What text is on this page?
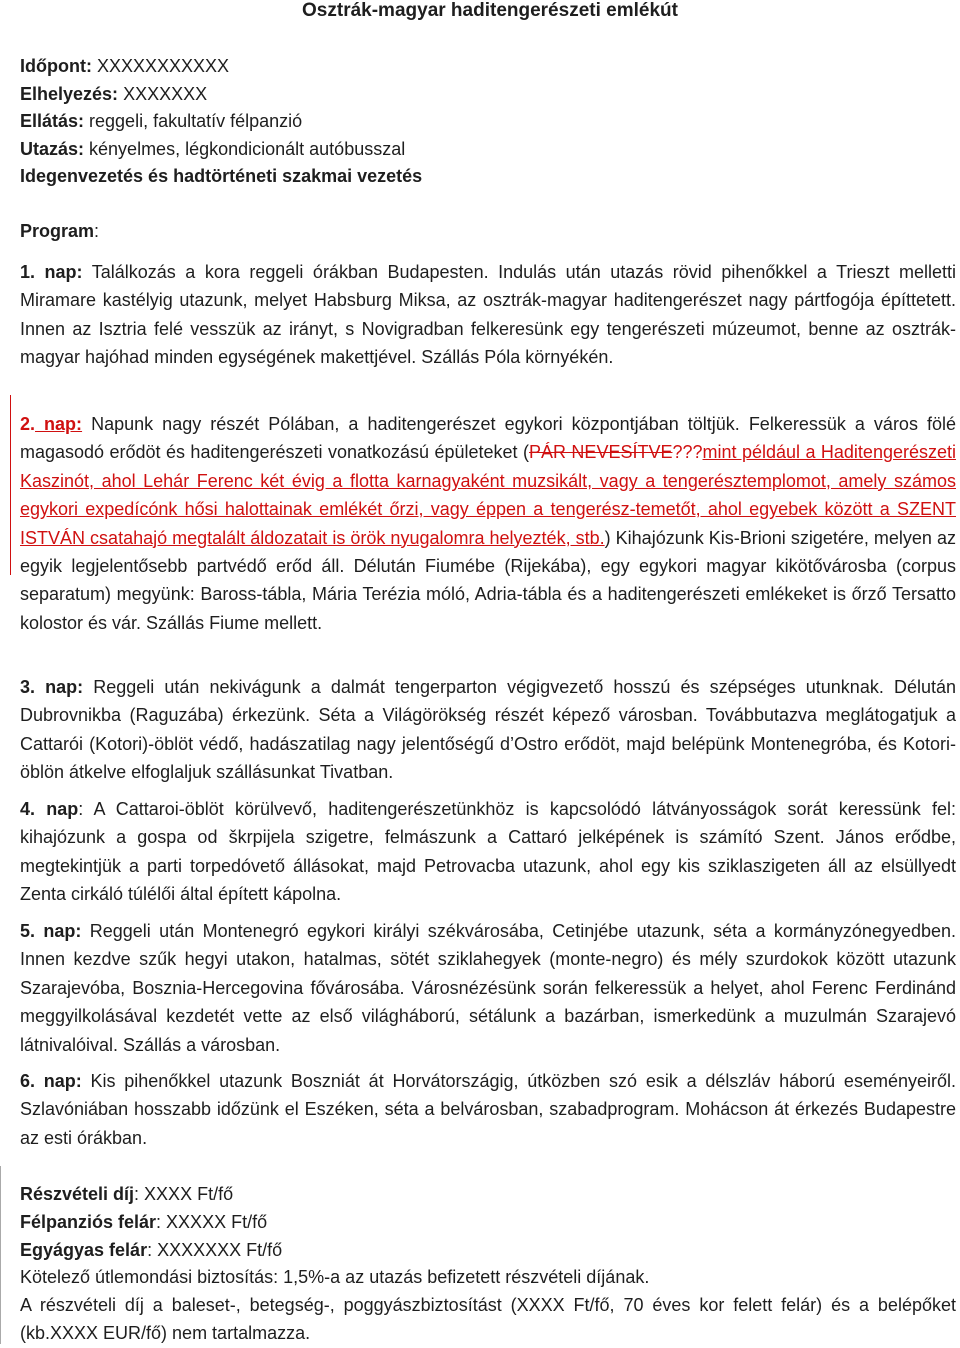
Osztrák-magyar haditengerészeti emlékút
Időpont: XXXXXXXXXXX
Elhelyezés: XXXXXXX
Ellátás: reggeli, fakultatív félpanzió
Utazás: kényelmes, légkondicionált autóbusszal
Idegenvezetés és hadtörténeti szakmai vezetés
Program:
1. nap: Találkozás a kora reggeli órákban Budapesten. Indulás után utazás rövid pihenőkkel a Trieszt melletti Miramare kastélyig utazunk, melyet Habsburg Miksa, az osztrák-magyar haditengerészet nagy pártfogója építtetett. Innen az Isztria felé vesszük az irányt, s Novigradban felkeresünk egy tengerészeti múzeumot, benne az osztrák-magyar hajóhad minden egységének makettjével. Szállás Póla környékén.
2. nap: Napunk nagy részét Pólában, a haditengerészet egykori központjában töltjük. Felkeressük a város fölé magasodó erődöt és haditengerészeti vonatkozású épületeket (PÁR NEVESÍTVE???mint például a Haditengerészeti Kaszinót, ahol Lehár Ferenc két évig a flotta karnagyaként muzsikált, vagy a tengerésztemplomot, amely számos egykori expedícónk hősi halottainak emlékét őrzi, vagy éppen a tengerész-temetőt, ahol egyebek között a SZENT ISTVÁN csatahajó megtalált áldozatait is örök nyugalomra helyezték, stb.) Kihajózunk Kis-Brioni szigetére, melyen az egyik legjelentősebb partvédő erőd áll. Délután Fiumébe (Rijekába), egy egykori magyar kikötővárosba (corpus separatum) megyünk: Baross-tábla, Mária Terézia móló, Adria-tábla és a haditengerészeti emlékeket is őrző Tersatto kolostor és vár. Szállás Fiume mellett.
3. nap: Reggeli után nekivágunk a dalmát tengerparton végigvezető hosszú és szépséges utunknak. Délután Dubrovnikba (Raguzába) érkezünk. Séta a Világörökség részét képező városban. Továbbutazva meglátogatjuk a Cattarói (Kotori)-öblöt védő, hadászatilag nagy jelentőségű d’Ostro erődöt, majd belépünk Montenegróba, és Kotori-öblön átkelve elfoglaljuk szállásunkat Tivatban.
4. nap: A Cattaroi-öblöt körülvevő, haditengerészetünkhöz is kapcsolódó látványosságok sorát keressünk fel: kihajózunk a gospa od škrpijela szigetre, felmászunk a Cattaró jelképének is számító Szent. János erődbe, megtekintjük a parti torpedóvető állásokat, majd Petrovacba utazunk, ahol egy kis sziklaszigeten áll az elsüllyedt Zenta cirkáló túlélői által épített kápolna.
5. nap: Reggeli után Montenegró egykori királyi székvárosába, Cetinjébe utazunk, séta a kormányzónegyedben. Innen kezdve szűk hegyi utakon, hatalmas, sötét sziklahegyek (monte-negro) és mély szurdokok között utazunk Szarajevóba, Bosznia-Hercegovina fővárosába. Városnézésünk során felkeressük a helyet, ahol Ferenc Ferdinánd meggyilkolásával kezdetét vette az első világháború, sétálunk a bazárban, ismerkedünk a muzulmán Szarajevó látnivalóival. Szállás a városban.
6. nap: Kis pihenőkkel utazunk Boszniát át Horvátországig, útközben szó esik a délszláv háború eseményeiről. Szlavóniában hosszabb időzünk el Eszéken, séta a belvárosban, szabadprogram. Mohácson át érkezés Budapestre az esti órákban.
Részvételi díj: XXXX Ft/fő
Félpanziós felár: XXXXX Ft/fő
Egyágyas felár: XXXXXXX Ft/fő
Kötelező útlemondási biztosítás: 1,5%-a az utazás befizetett részvételi díjának.
A részvételi díj a baleset-, betegség-, poggyászbiztosítást (XXXX Ft/fő, 70 éves kor felett felár) és a belépőket (kb.XXXX EUR/fő) nem tartalmazza.
